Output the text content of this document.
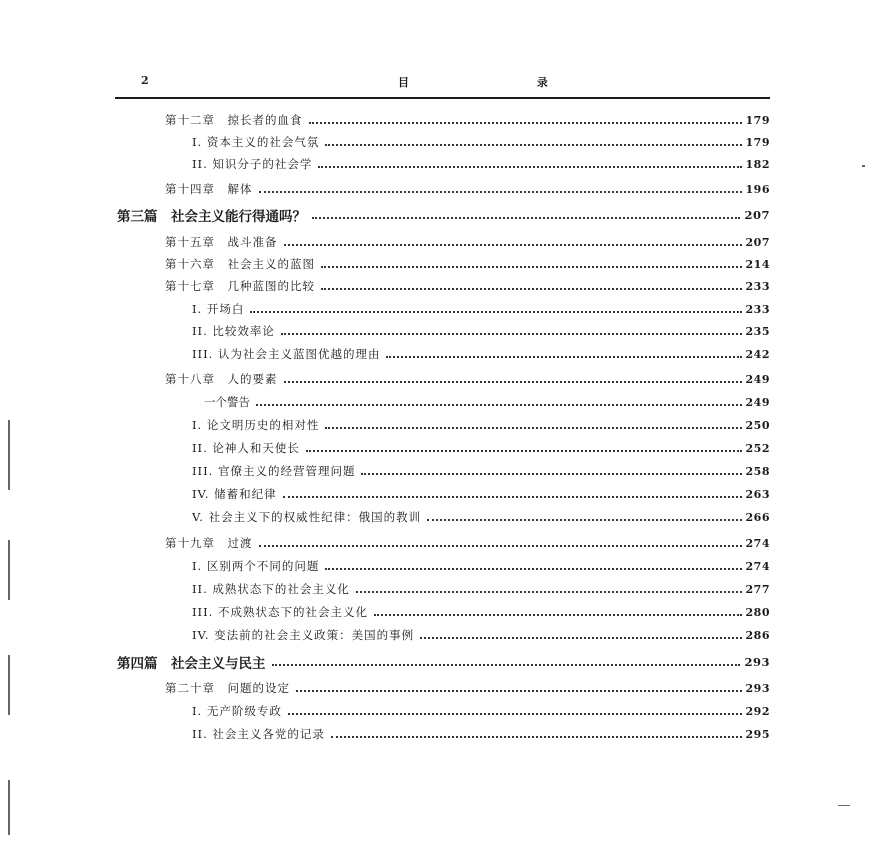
2	目 录
第十二章　掠长者的血食	179
I. 资本主义的社会气氛	179
II. 知识分子的社会学	182
第十四章　解体	196
第三篇　社会主义能行得通吗？	207
第十五章　战斗准备	207
第十六章　社会主义的蓝图	214
第十七章　几种蓝图的比较	233
I. 开场白	233
II. 比较效率论	235
III. 认为社会主义蓝图优越的理由	242
第十八章　人的要素	249
一个警告	249
I. 论文明历史的相对性	250
II. 论神人和天使长	252
III. 官僚主义的经营管理问题	258
IV. 储蓄和纪律	263
V. 社会主义下的权威性纪律：俄国的教训	266
第十九章　过渡	274
I. 区别两个不同的问题	274
II. 成熟状态下的社会主义化	277
III. 不成熟状态下的社会主义化	280
IV. 变法前的社会主义政策：美国的事例	286
第四篇　社会主义与民主	293
第二十章　问题的设定	293
I. 无产阶级专政	292
II. 社会主义各党的记录	295
